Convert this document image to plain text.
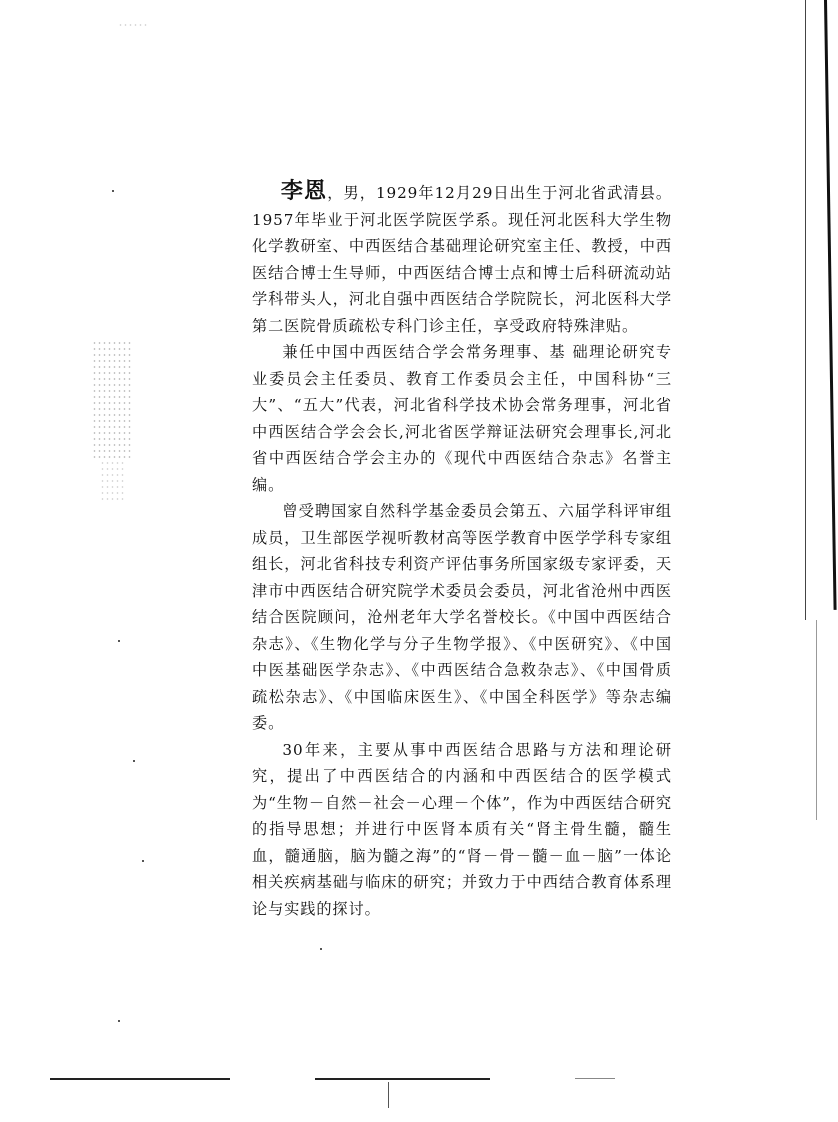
李恩，男，1929年12月29日出生于河北省武清县。1957年毕业于河北医学院医学系。现任河北医科大学生物化学教研室、中西医结合基础理论研究室主任、教授，中西医结合博士生导师，中西医结合博士点和博士后科研流动站学科带头人，河北自强中西医结合学院院长，河北医科大学第二医院骨质疏松专科门诊主任，享受政府特殊津贴。

兼任中国中西医结合学会常务理事、基 础理论研究专业委员会主任委员、教育工作委员会主任，中国科协“三大”、“五大”代表，河北省科学技术协会常务理事，河北省中西医结合学会会长,河北省医学辩证法研究会理事长,河北省中西医结合学会主办的《现代中西医结合杂志》名誉主编。

曾受聘国家自然科学基金委员会第五、六届学科评审组成员，卫生部医学视听教材高等医学教育中医学学科专家组组长，河北省科技专利资产评估事务所国家级专家评委，天津市中西医结合研究院学术委员会委员，河北省沧州中西医结合医院顾问，沧州老年大学名誉校长。《中国中西医结合杂志》、《生物化学与分子生物学报》、《中医研究》、《中国中医基础医学杂志》、《中西医结合急救杂志》、《中国骨质疏松杂志》、《中国临床医生》、《中国全科医学》等杂志编委。

30年来，主要从事中西医结合思路与方法和理论研究，提出了中西医结合的内涵和中西医结合的医学模式为“生物－自然－社会－心理－个体”，作为中西医结合研究的指导思想；并进行中医肾本质有关“肾主骨生髓，髓生血，髓通脑，脑为髓之海”的“肾－骨－髓－血－脑”一体论相关疾病基础与临床的研究；并致力于中西结合教育体系理论与实践的探讨。
